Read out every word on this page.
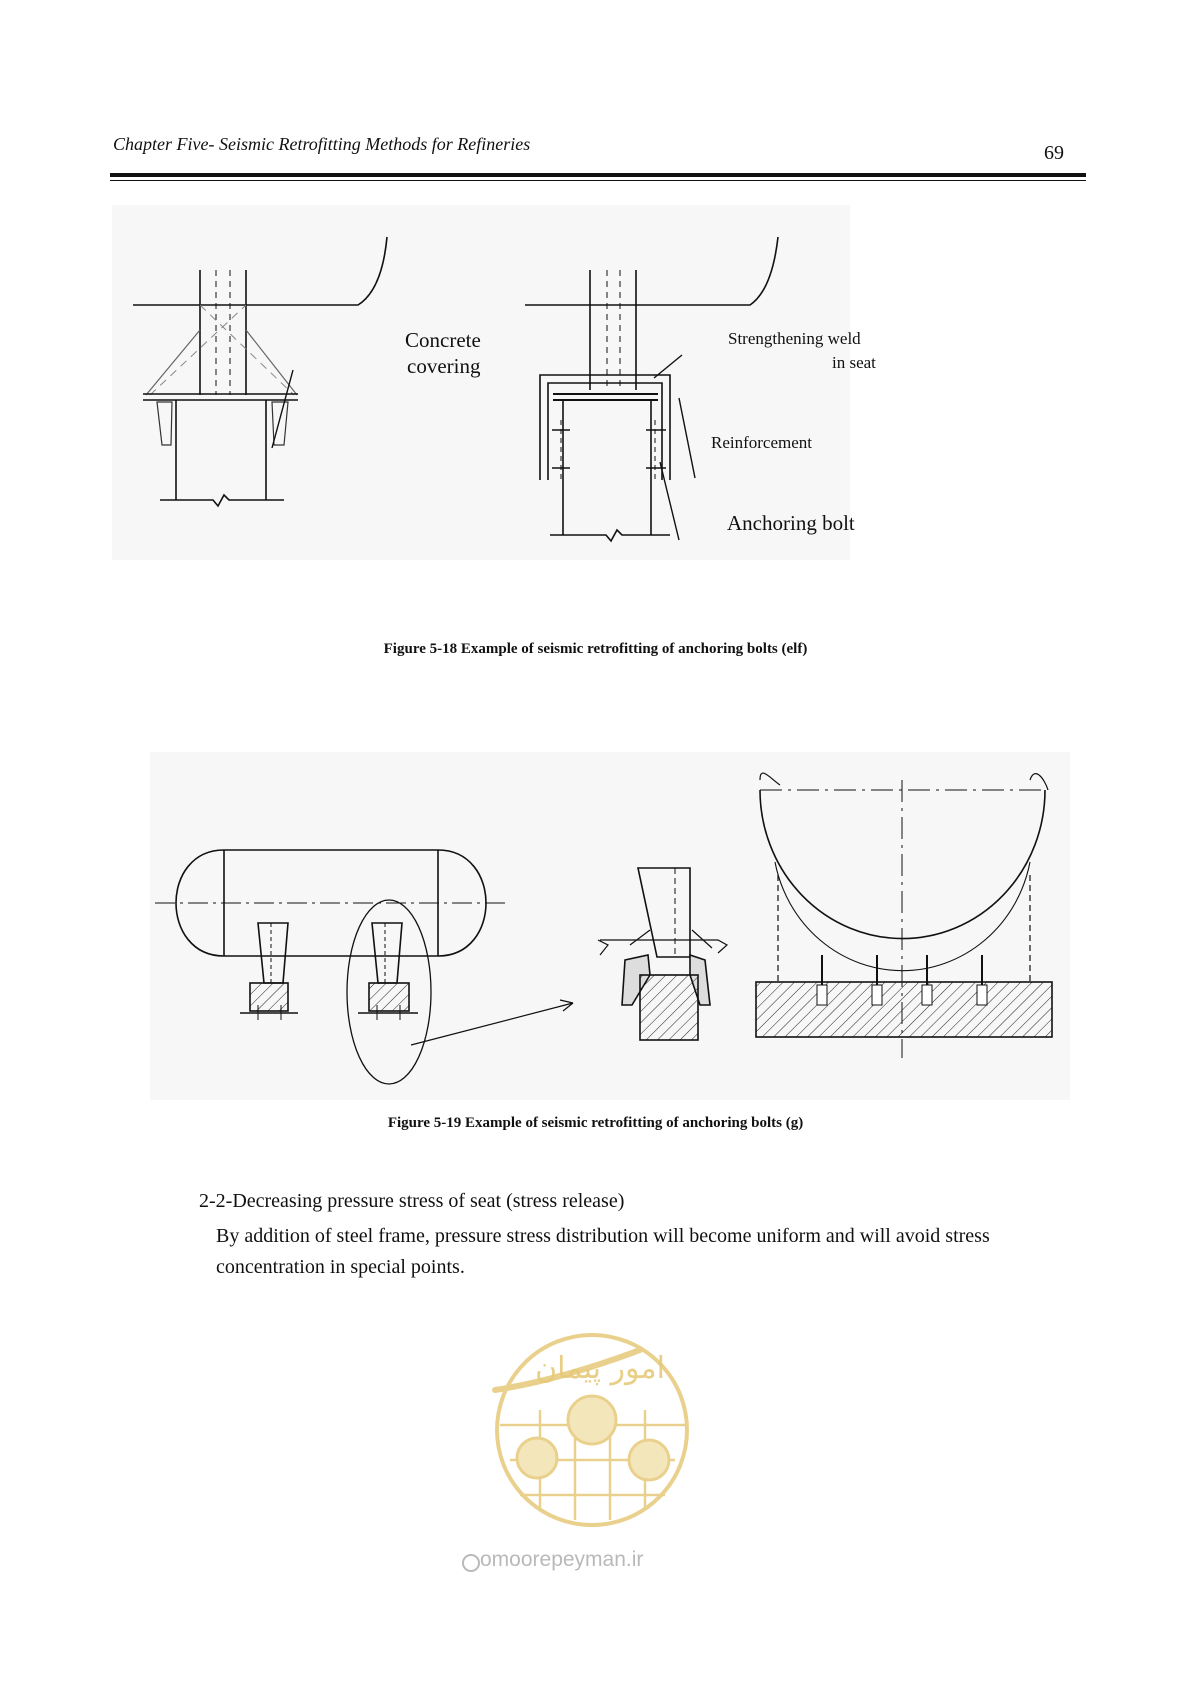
Chapter Five- Seismic Retrofitting Methods for Refineries	69
Concrete
covering
Strengthening weld
in seat
Reinforcement
Anchoring bolt
Figure 5-18 Example of seismic retrofitting of anchoring bolts (elf)
Figure 5-19 Example of seismic retrofitting of anchoring bolts (g)
2-2-Decreasing pressure stress of seat (stress release)
By addition of steel frame, pressure stress distribution will become uniform and will avoid stress concentration in special points.
امور پیمان
omoorepeyman.ir
